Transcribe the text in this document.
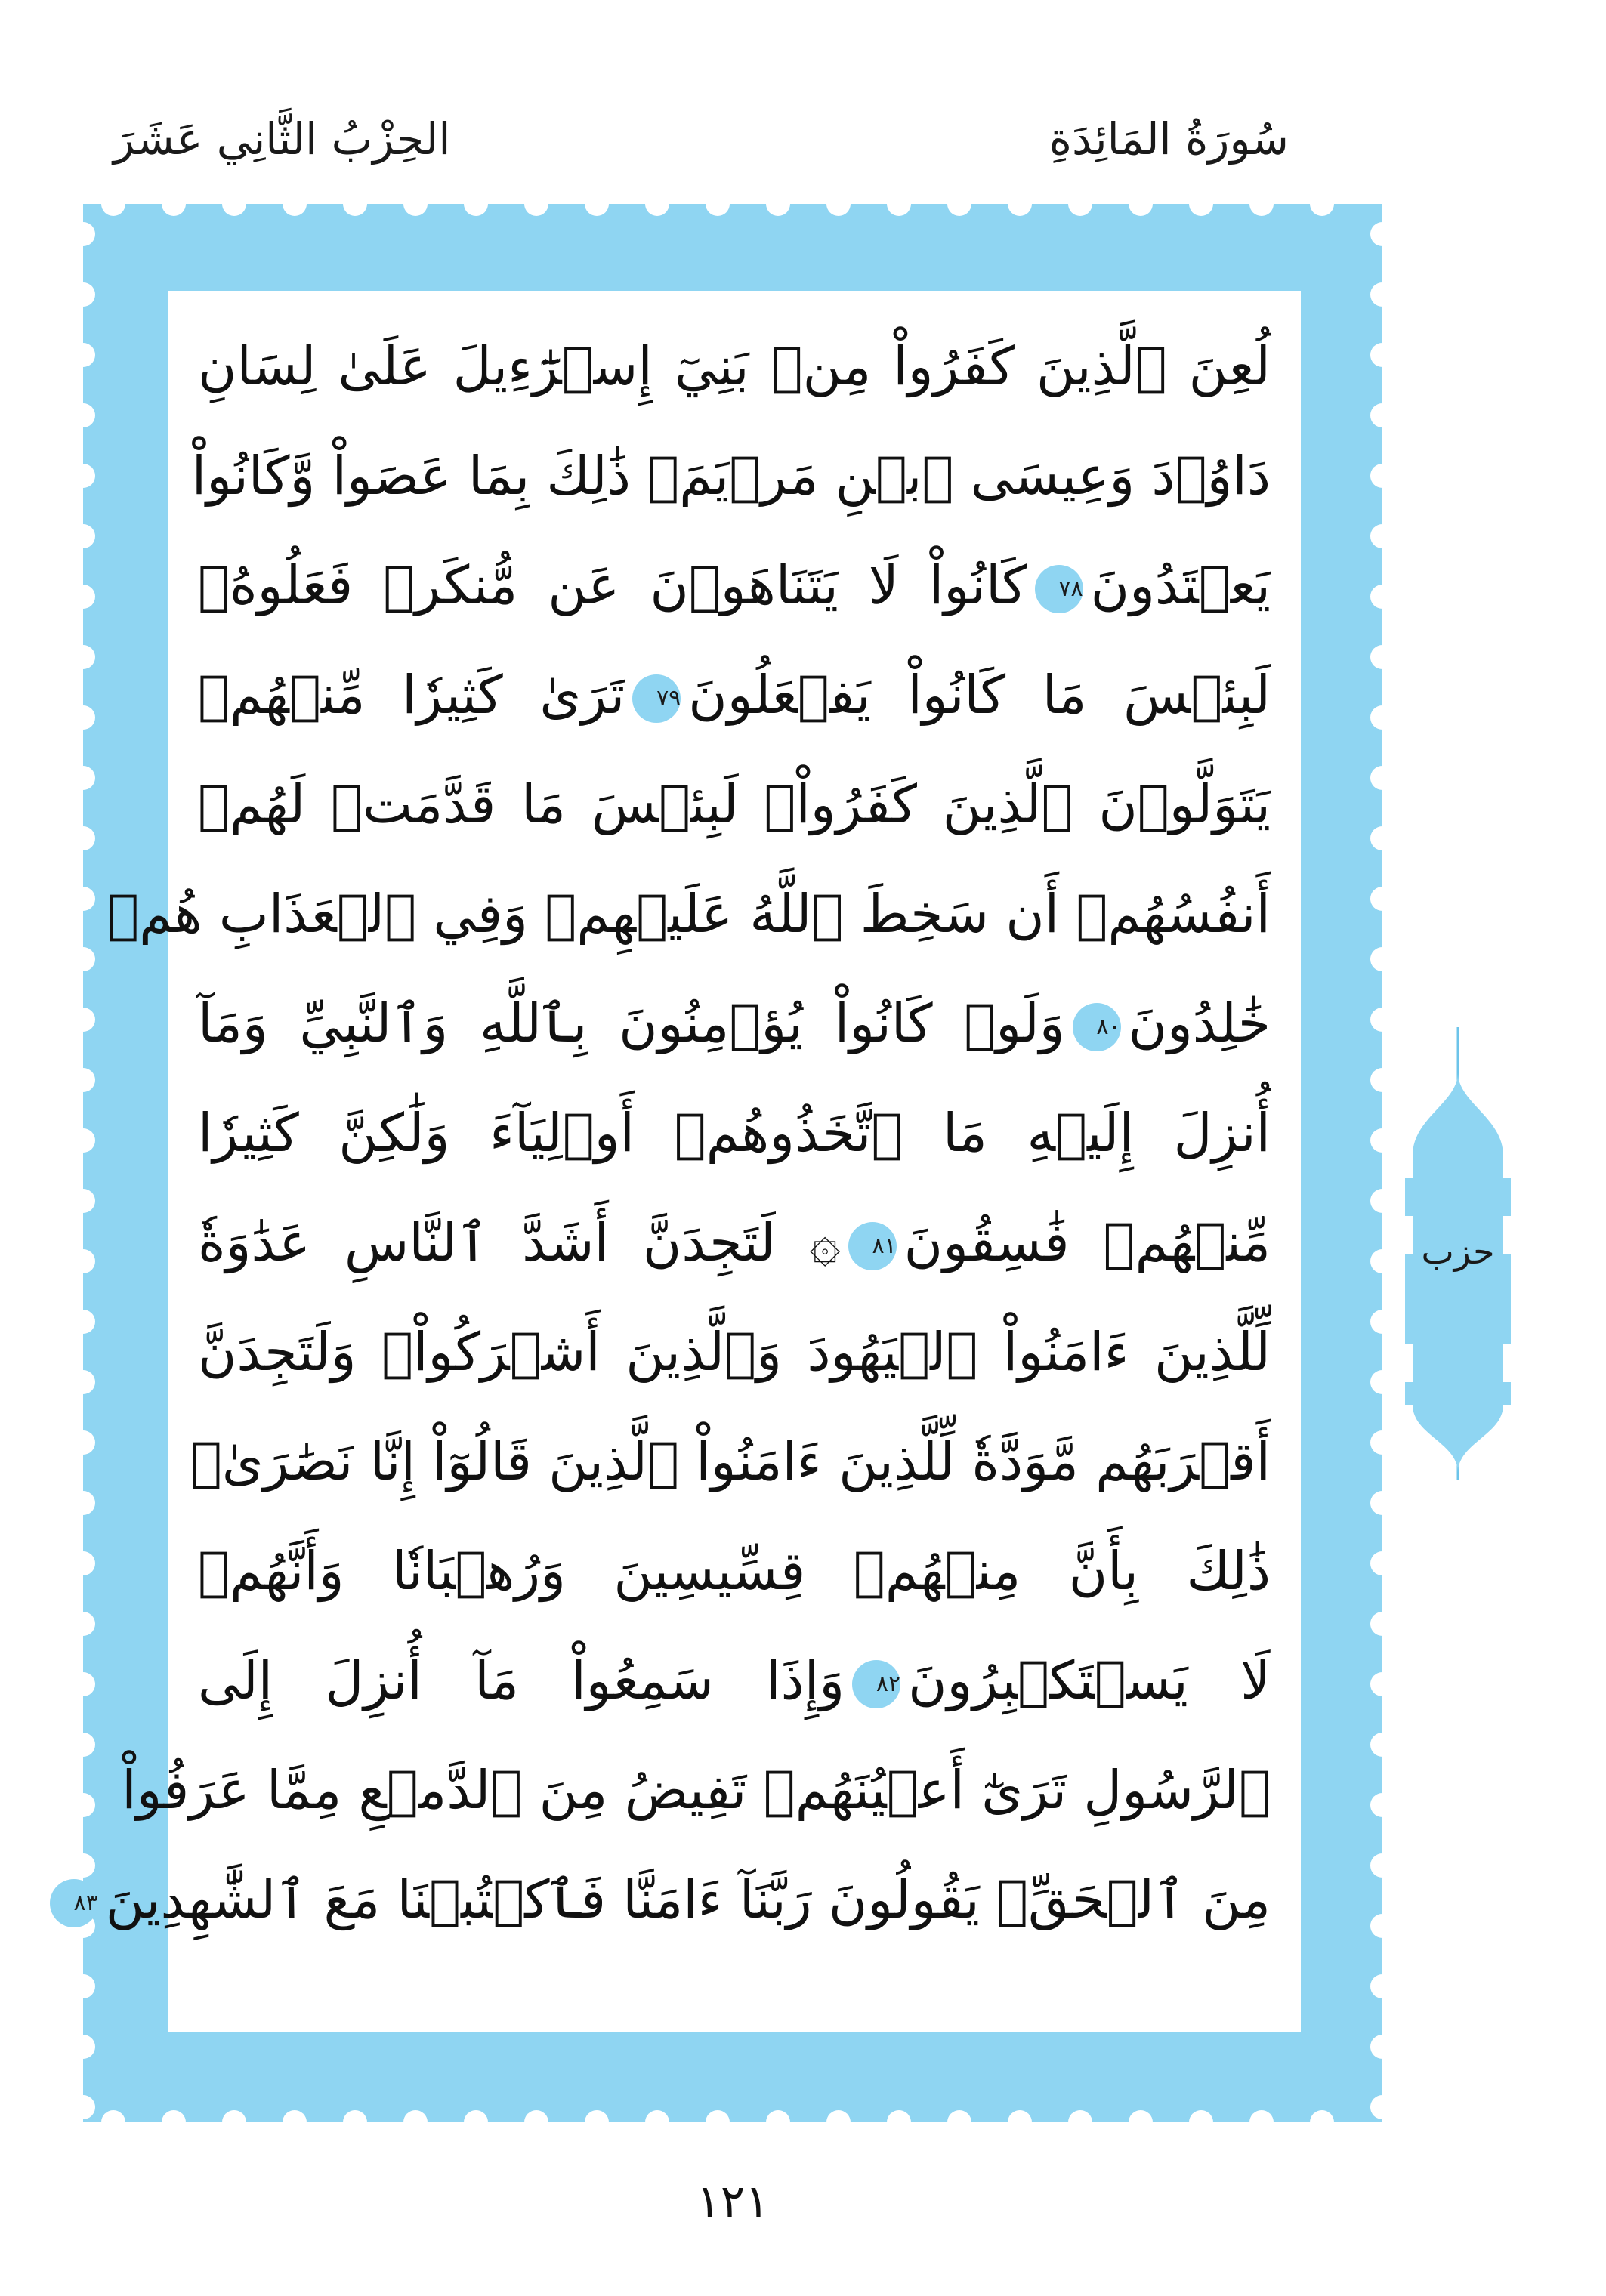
سُورَةُ المَائِدَةِ
الحِزْبُ الثَّانِي عَشَرَ
لُعِنَ ٱلَّذِينَ كَفَرُواْ مِنۢ بَنِيٓ إِسۡرَٰٓءِيلَ عَلَىٰ لِسَانِ
دَاوُۥدَ وَعِيسَى ٱبۡنِ مَرۡيَمَۚ ذَٰلِكَ بِمَا عَصَواْ وَّكَانُواْ
يَعۡتَدُونَ٧٨كَانُواْ لَا يَتَنَاهَوۡنَ عَن مُّنكَرٖ فَعَلُوهُۚ
لَبِئۡسَ مَا كَانُواْ يَفۡعَلُونَ٧٩تَرَىٰ كَثِيرٗا مِّنۡهُمۡ
يَتَوَلَّوۡنَ ٱلَّذِينَ كَفَرُواْۚ لَبِئۡسَ مَا قَدَّمَتۡ لَهُمۡ
أَنفُسُهُمۡ أَن سَخِطَ ٱللَّهُ عَلَيۡهِمۡ وَفِي ٱلۡعَذَابِ هُمۡ
خَٰلِدُونَ٨٠وَلَوۡ كَانُواْ يُؤۡمِنُونَ بِٱللَّهِ وَٱلنَّبِيِّ وَمَآ
أُنزِلَ إِلَيۡهِ مَا ٱتَّخَذُوهُمۡ أَوۡلِيَآءَ وَلَٰكِنَّ كَثِيرٗا
مِّنۡهُمۡ فَٰسِقُونَ٨١۞ لَتَجِدَنَّ أَشَدَّ ٱلنَّاسِ عَدَٰوَةٗ
لِّلَّذِينَ ءَامَنُواْ ٱلۡيَهُودَ وَٱلَّذِينَ أَشۡرَكُواْۖ وَلَتَجِدَنَّ
أَقۡرَبَهُم مَّوَدَّةٗ لِّلَّذِينَ ءَامَنُواْ ٱلَّذِينَ قَالُوٓاْ إِنَّا نَصَٰرَىٰۚ
ذَٰلِكَ بِأَنَّ مِنۡهُمۡ قِسِّيسِينَ وَرُهۡبَانٗا وَأَنَّهُمۡ
لَا يَسۡتَكۡبِرُونَ٨٢وَإِذَا سَمِعُواْ مَآ أُنزِلَ إِلَى
ٱلرَّسُولِ تَرَىٰٓ أَعۡيُنَهُمۡ تَفِيضُ مِنَ ٱلدَّمۡعِ مِمَّا عَرَفُواْ
مِنَ ٱلۡحَقِّۖ يَقُولُونَ رَبَّنَآ ءَامَنَّا فَٱكۡتُبۡنَا مَعَ ٱلشَّٰهِدِينَ٨٣
حزب
١٢١
